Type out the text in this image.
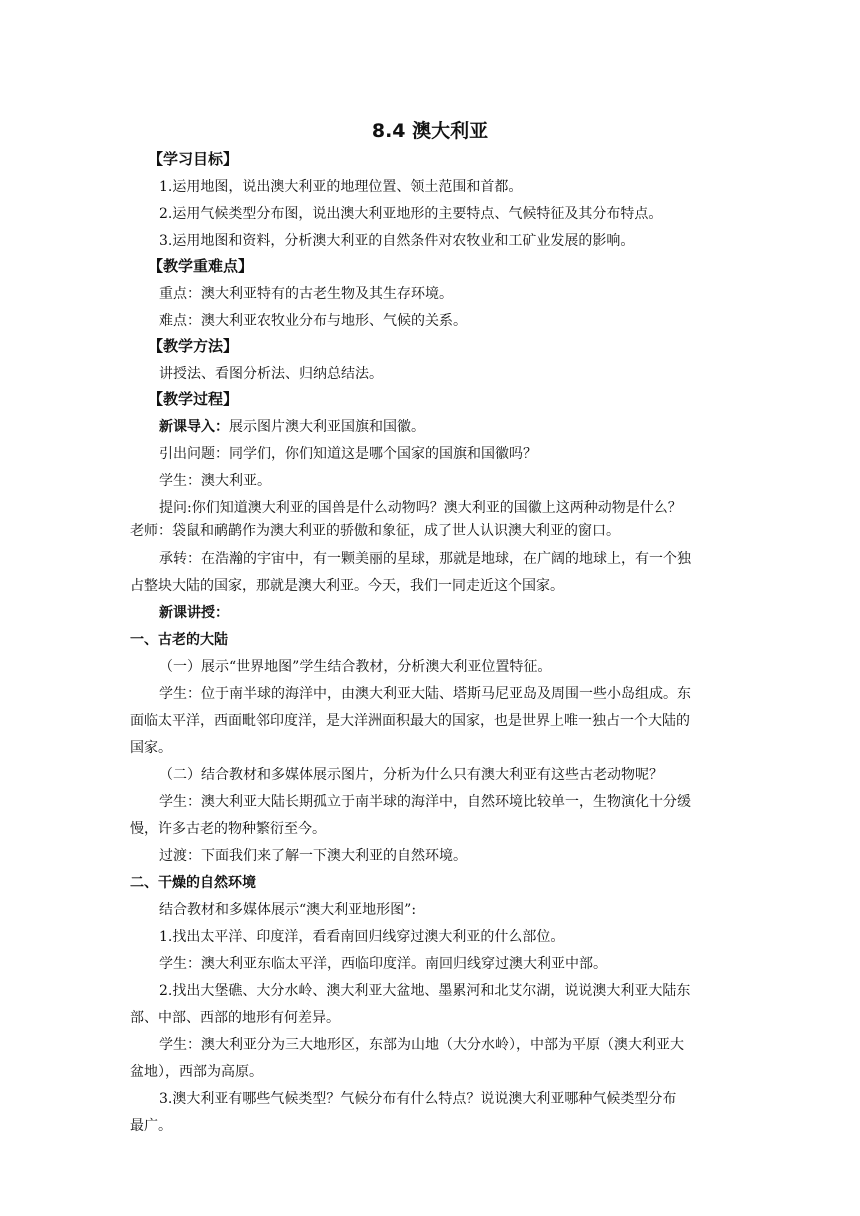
8.4 澳大利亚
【学习目标】
1.运用地图，说出澳大利亚的地理位置、领土范围和首都。
2.运用气候类型分布图，说出澳大利亚地形的主要特点、气候特征及其分布特点。
3.运用地图和资料，分析澳大利亚的自然条件对农牧业和工矿业发展的影响。
【教学重难点】
重点：澳大利亚特有的古老生物及其生存环境。
难点：澳大利亚农牧业分布与地形、气候的关系。
【教学方法】
讲授法、看图分析法、归纳总结法。
【教学过程】
新课导入：展示图片澳大利亚国旗和国徽。
引出问题：同学们，你们知道这是哪个国家的国旗和国徽吗？
学生：澳大利亚。
提问:你们知道澳大利亚的国兽是什么动物吗？澳大利亚的国徽上这两种动物是什么？
老师：袋鼠和鸸鹋作为澳大利亚的骄傲和象征，成了世人认识澳大利亚的窗口。
承转：在浩瀚的宇宙中，有一颗美丽的星球，那就是地球，在广阔的地球上，有一个独
占整块大陆的国家，那就是澳大利亚。今天，我们一同走近这个国家。
新课讲授：
一、古老的大陆
（一）展示“世界地图”学生结合教材，分析澳大利亚位置特征。
学生：位于南半球的海洋中，由澳大利亚大陆、塔斯马尼亚岛及周围一些小岛组成。东
面临太平洋，西面毗邻印度洋，是大洋洲面积最大的国家，也是世界上唯一独占一个大陆的
国家。
（二）结合教材和多媒体展示图片，分析为什么只有澳大利亚有这些古老动物呢？
学生：澳大利亚大陆长期孤立于南半球的海洋中，自然环境比较单一，生物演化十分缓
慢，许多古老的物种繁衍至今。
过渡：下面我们来了解一下澳大利亚的自然环境。
二、干燥的自然环境
结合教材和多媒体展示“澳大利亚地形图”:
1.找出太平洋、印度洋，看看南回归线穿过澳大利亚的什么部位。
学生：澳大利亚东临太平洋，西临印度洋。南回归线穿过澳大利亚中部。
2.找出大堡礁、大分水岭、澳大利亚大盆地、墨累河和北艾尔湖，说说澳大利亚大陆东
部、中部、西部的地形有何差异。
学生：澳大利亚分为三大地形区，东部为山地（大分水岭），中部为平原（澳大利亚大
盆地），西部为高原。
3.澳大利亚有哪些气候类型？气候分布有什么特点？说说澳大利亚哪种气候类型分布
最广。
